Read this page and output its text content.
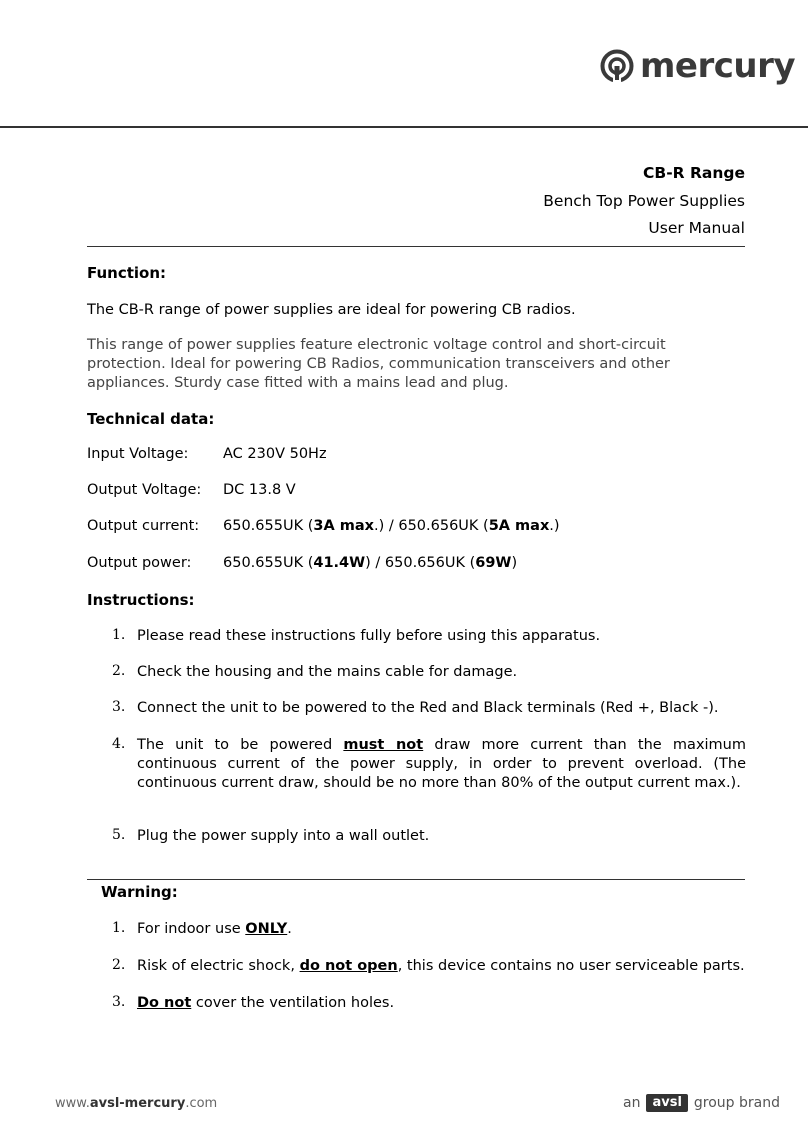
mercury
CB-R Range
Bench Top Power Supplies
User Manual
Function:
The CB-R range of power supplies are ideal for powering CB radios.
This range of power supplies feature electronic voltage control and short-circuit protection. Ideal for powering CB Radios, communication transceivers and other appliances. Sturdy case fitted with a mains lead and plug.
Technical data:
Input Voltage: AC 230V 50Hz
Output Voltage: DC 13.8 V
Output current: 650.655UK (3A max.) / 650.656UK (5A max.)
Output power: 650.655UK (41.4W) / 650.656UK (69W)
Instructions:
1. Please read these instructions fully before using this apparatus.
2. Check the housing and the mains cable for damage.
3. Connect the unit to be powered to the Red and Black terminals (Red +, Black -).
4. The unit to be powered must not draw more current than the maximum continuous current of the power supply, in order to prevent overload. (The continuous current draw, should be no more than 80% of the output current max.).
5. Plug the power supply into a wall outlet.
Warning:
1. For indoor use ONLY.
2. Risk of electric shock, do not open, this device contains no user serviceable parts.
3. Do not cover the ventilation holes.
www.avsl-mercury.com	an avsl group brand
